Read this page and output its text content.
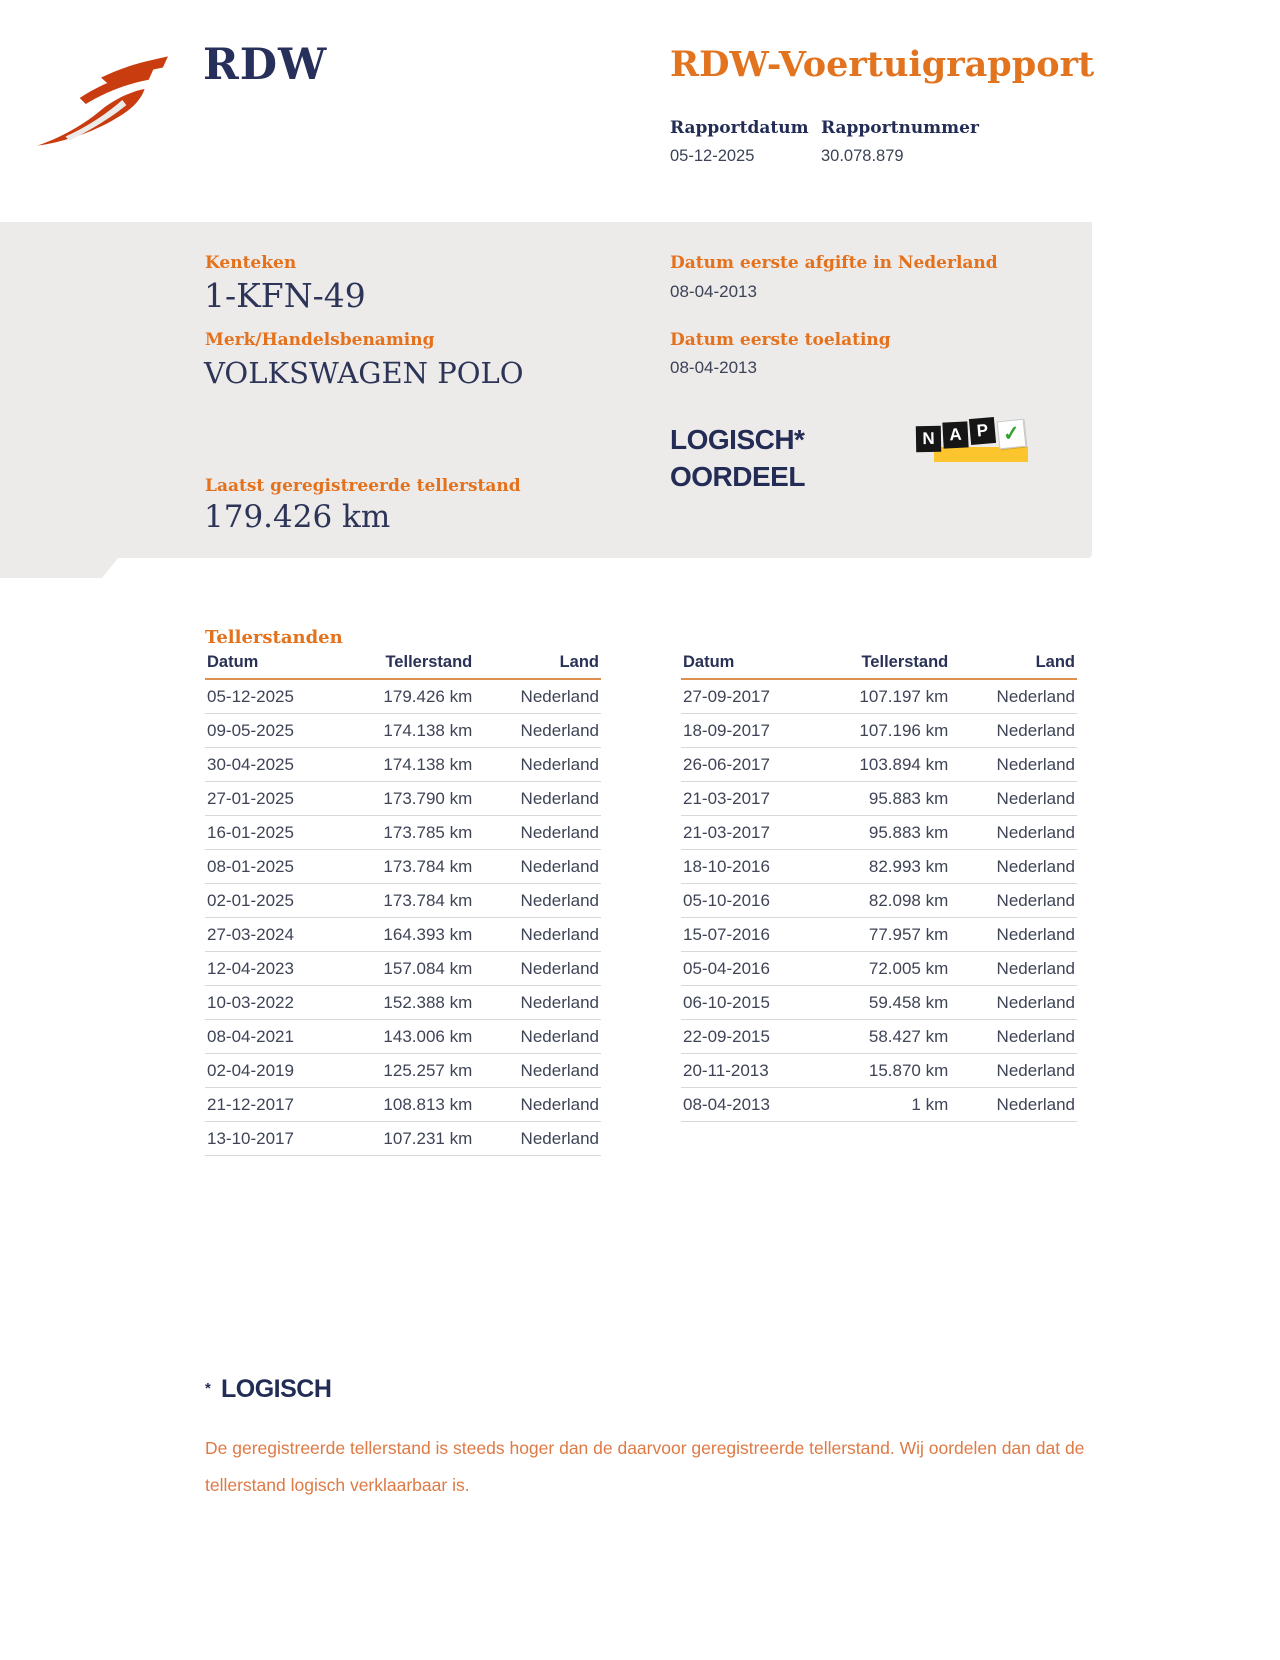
RDW	RDW-Voertuigrapport
Rapportdatum Rapportnummer
05-12-2025	30.078.879
Kenteken
1-KFN-49
Merk/Handelsbenaming
VOLKSWAGEN POLO
Laatst geregistreerde tellerstand
179.426 km
Datum eerste afgifte in Nederland
08-04-2013
Datum eerste toelating
08-04-2013
LOGISCH*
OORDEEL
N A P ✓
Tellerstanden
Datum	Tellerstand	Land
05-12-2025	179.426 km	Nederland
09-05-2025	174.138 km	Nederland
30-04-2025	174.138 km	Nederland
27-01-2025	173.790 km	Nederland
16-01-2025	173.785 km	Nederland
08-01-2025	173.784 km	Nederland
02-01-2025	173.784 km	Nederland
27-03-2024	164.393 km	Nederland
12-04-2023	157.084 km	Nederland
10-03-2022	152.388 km	Nederland
08-04-2021	143.006 km	Nederland
02-04-2019	125.257 km	Nederland
21-12-2017	108.813 km	Nederland
13-10-2017	107.231 km	Nederland
Datum	Tellerstand	Land
27-09-2017	107.197 km	Nederland
18-09-2017	107.196 km	Nederland
26-06-2017	103.894 km	Nederland
21-03-2017	95.883 km	Nederland
21-03-2017	95.883 km	Nederland
18-10-2016	82.993 km	Nederland
05-10-2016	82.098 km	Nederland
15-07-2016	77.957 km	Nederland
05-04-2016	72.005 km	Nederland
06-10-2015	59.458 km	Nederland
22-09-2015	58.427 km	Nederland
20-11-2013	15.870 km	Nederland
08-04-2013	1 km	Nederland
* LOGISCH
De geregistreerde tellerstand is steeds hoger dan de daarvoor geregistreerde tellerstand. Wij oordelen dan dat de tellerstand logisch verklaarbaar is.
